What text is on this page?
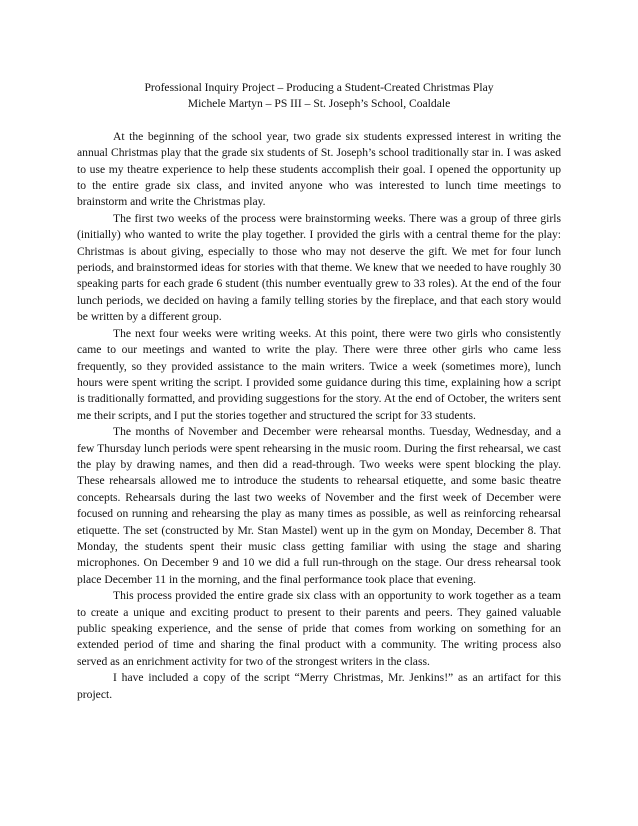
Professional Inquiry Project – Producing a Student-Created Christmas Play
Michele Martyn – PS III – St. Joseph’s School, Coaldale

At the beginning of the school year, two grade six students expressed interest in writing the annual Christmas play that the grade six students of St. Joseph’s school traditionally star in. I was asked to use my theatre experience to help these students accomplish their goal. I opened the opportunity up to the entire grade six class, and invited anyone who was interested to lunch time meetings to brainstorm and write the Christmas play.

The first two weeks of the process were brainstorming weeks. There was a group of three girls (initially) who wanted to write the play together. I provided the girls with a central theme for the play: Christmas is about giving, especially to those who may not deserve the gift. We met for four lunch periods, and brainstormed ideas for stories with that theme. We knew that we needed to have roughly 30 speaking parts for each grade 6 student (this number eventually grew to 33 roles). At the end of the four lunch periods, we decided on having a family telling stories by the fireplace, and that each story would be written by a different group.

The next four weeks were writing weeks. At this point, there were two girls who consistently came to our meetings and wanted to write the play. There were three other girls who came less frequently, so they provided assistance to the main writers. Twice a week (sometimes more), lunch hours were spent writing the script. I provided some guidance during this time, explaining how a script is traditionally formatted, and providing suggestions for the story. At the end of October, the writers sent me their scripts, and I put the stories together and structured the script for 33 students.

The months of November and December were rehearsal months. Tuesday, Wednesday, and a few Thursday lunch periods were spent rehearsing in the music room. During the first rehearsal, we cast the play by drawing names, and then did a read-through. Two weeks were spent blocking the play. These rehearsals allowed me to introduce the students to rehearsal etiquette, and some basic theatre concepts. Rehearsals during the last two weeks of November and the first week of December were focused on running and rehearsing the play as many times as possible, as well as reinforcing rehearsal etiquette. The set (constructed by Mr. Stan Mastel) went up in the gym on Monday, December 8. That Monday, the students spent their music class getting familiar with using the stage and sharing microphones. On December 9 and 10 we did a full run-through on the stage. Our dress rehearsal took place December 11 in the morning, and the final performance took place that evening.

This process provided the entire grade six class with an opportunity to work together as a team to create a unique and exciting product to present to their parents and peers. They gained valuable public speaking experience, and the sense of pride that comes from working on something for an extended period of time and sharing the final product with a community. The writing process also served as an enrichment activity for two of the strongest writers in the class.

I have included a copy of the script “Merry Christmas, Mr. Jenkins!” as an artifact for this project.
